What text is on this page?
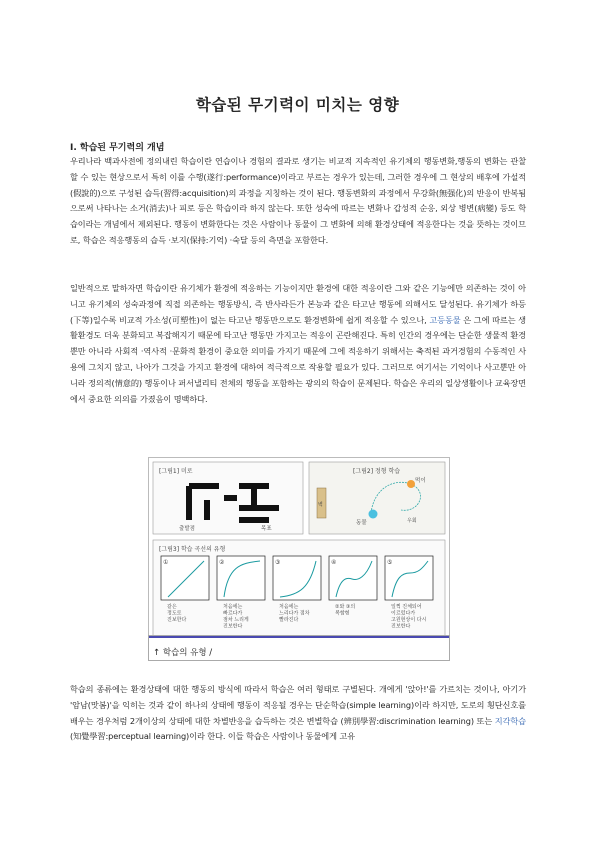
학습된 무기력이 미치는 영향
Ⅰ. 학습된 무기력의 개념
우리나라 백과사전에 정의내린 학습이란 연습이나 경험의 결과로 생기는 비교적 지속적인 유기체의 행동변화,행동의 변화는 관찰할 수 있는 현상으로서 특히 이를 수행(遂行:performance)이라고 부르는 경우가 있는데, 그러한 경우에 그 현상의 배후에 가설적(假說的)으로 구성된 습득(習得:acquisition)의 과정을 지칭하는 것이 된다. 행동변화의 과정에서 무강화(無强化)의 반응이 반복됨으로써 나타나는 소거(消去)나 피로 등은 학습이라 하지 않는다. 또한 성숙에 따르는 변화나 갑성적 순응, 외상 병변(病變) 등도 학습이라는 개념에서 제외된다. 행동이 변화한다는 것은 사람이나 동물이 그 변화에 의해 환경상태에 적응한다는 것을 뜻하는 것이므로, 학습은 적응행동의 습득 ·보지(保持:기억) ·숙달 등의 측면을 포함한다.
일반적으로 말하자면 학습이란 유기체가 환경에 적응하는 기능이지만 환경에 대한 적응이란 그와 같은 기능에만 의존하는 것이 아니고 유기체의 성숙과정에 직접 의존하는 행동방식, 즉 반사라든가 본능과 같은 타고난 행동에 의해서도 달성된다. 유기체가 하등(下等)일수록 비교적 가소성(可塑性)이 없는 타고난 행동만으로도 환경변화에 쉽게 적응할 수 있으나, 고등동물 은 그에 따르는 생활환경도 더욱 분화되고 복잡해지기 때문에 타고난 행동만 가지고는 적응이 곤란해진다. 특히 인간의 경우에는 단순한 생물적 환경뿐만 아니라 사회적 ·역사적 ·문화적 환경이 중요한 의미를 가지기 때문에 그에 적응하기 위해서는 축적된 과거경험의 수동적인 사용에 그치지 않고, 나아가 그것을 가지고 환경에 대하여 적극적으로 작용할 필요가 있다. 그러므로 여기서는 기억이나 사고뿐만 아니라 정의적(情意的) 행동이나 퍼서낼리티 전체의 행동을 포함하는 광의의 학습이 문제된다. 학습은 우리의 일상생활이나 교육장면에서 중요한 의의를 가졌음이 명백하다.
[그림1] 미로
출발점	목표
[그림2] 정형 학습
벽
먹이
동물	우회
[그림3] 학습 곡선의 유형
①
같은
정도로
진보한다
②
처음에는
빠르다가
점차 느리게
진보한다
③
처음에는
느리다가 점차
빨라진다
④
②와 ③의
복합형
⑤
일찍 진체되어
이르렀다가
고원현상이 다시
진보한다
↑ 학습의 유형 /
학습의 종류에는 환경상태에 대한 행동의 방식에 따라서 학습은 여러 형태로 구별된다. 개에게 '앉아!'를 가르치는 것이나, 아기가 '암남(맛봄)'을 익히는 것과 같이 하나의 상태에 행동이 적응될 경우는 단순학습(simple learning)이라 하지만, 도로의 횡단신호를 배우는 경우처럼 2개이상의 상태에 대한 차별반응을 습득하는 것은 변별학습 (辨別學習:discrimination learning) 또는 지각학습 (知覺學習:perceptual learning)이라 한다. 이들 학습은 사람이나 동물에게 고유
